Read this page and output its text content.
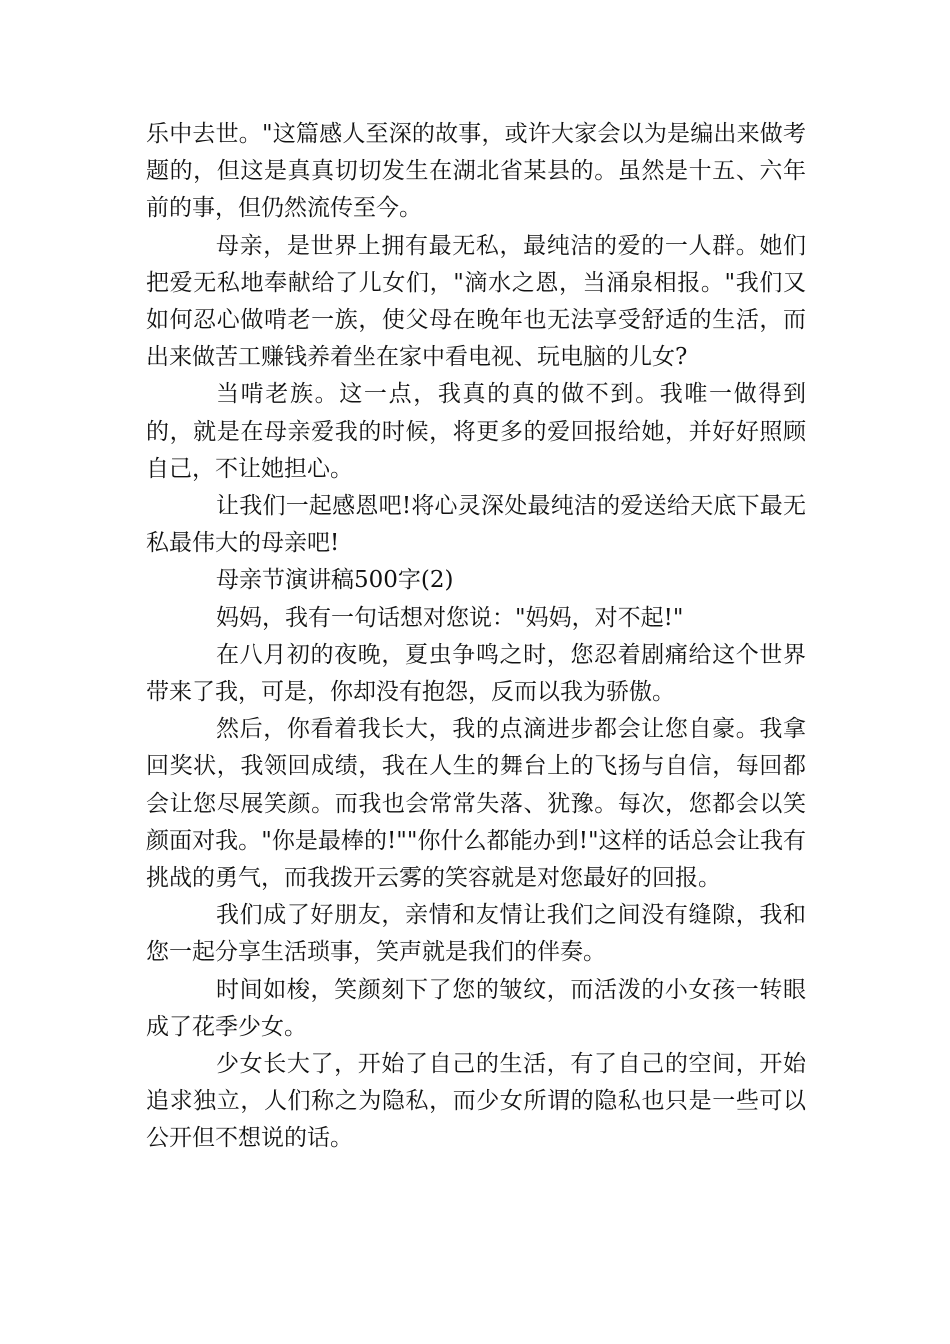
乐中去世。"这篇感人至深的故事，或许大家会以为是编出来做考题的，但这是真真切切发生在湖北省某县的。虽然是十五、六年前的事，但仍然流传至今。

母亲，是世界上拥有最无私，最纯洁的爱的一人群。她们把爱无私地奉献给了儿女们，"滴水之恩，当涌泉相报。"我们又如何忍心做啃老一族，使父母在晚年也无法享受舒适的生活，而出来做苦工赚钱养着坐在家中看电视、玩电脑的儿女?

当啃老族。这一点，我真的真的做不到。我唯一做得到的，就是在母亲爱我的时候，将更多的爱回报给她，并好好照顾自己，不让她担心。

让我们一起感恩吧!将心灵深处最纯洁的爱送给天底下最无私最伟大的母亲吧!

母亲节演讲稿500字(2)

妈妈，我有一句话想对您说："妈妈，对不起!"

在八月初的夜晚，夏虫争鸣之时，您忍着剧痛给这个世界带来了我，可是，你却没有抱怨，反而以我为骄傲。

然后，你看着我长大，我的点滴进步都会让您自豪。我拿回奖状，我领回成绩，我在人生的舞台上的飞扬与自信，每回都会让您尽展笑颜。而我也会常常失落、犹豫。每次，您都会以笑颜面对我。"你是最棒的!""你什么都能办到!"这样的话总会让我有挑战的勇气，而我拨开云雾的笑容就是对您最好的回报。

我们成了好朋友，亲情和友情让我们之间没有缝隙，我和您一起分享生活琐事，笑声就是我们的伴奏。

时间如梭，笑颜刻下了您的皱纹，而活泼的小女孩一转眼成了花季少女。

少女长大了，开始了自己的生活，有了自己的空间，开始追求独立，人们称之为隐私，而少女所谓的隐私也只是一些可以公开但不想说的话。
